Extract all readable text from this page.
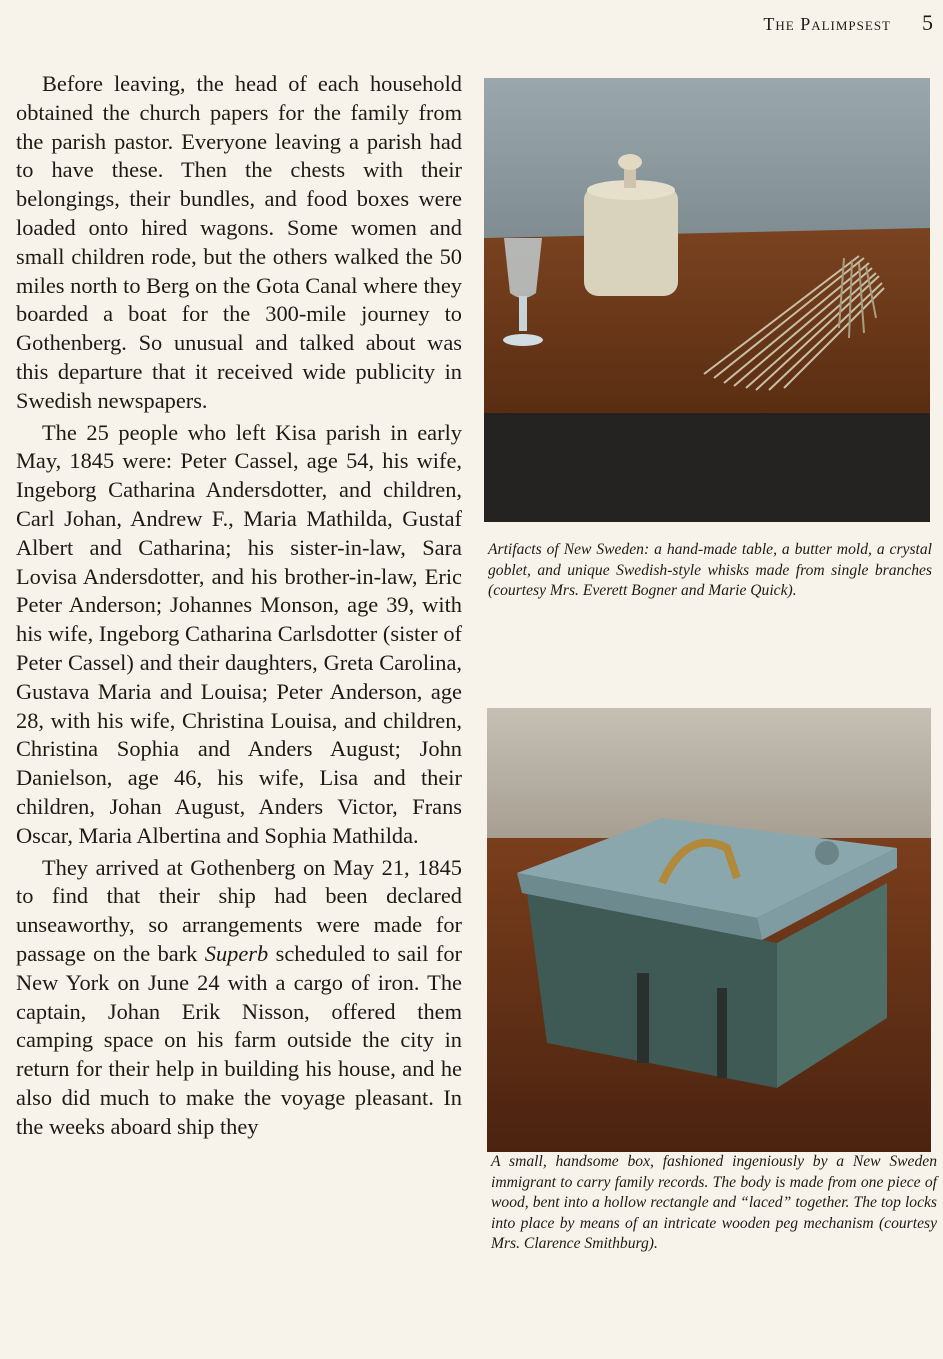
The Palimpsest 5

Before leaving, the head of each household obtained the church papers for the family from the parish pastor. Everyone leaving a parish had to have these. Then the chests with their belongings, their bundles, and food boxes were loaded onto hired wagons. Some women and small children rode, but the others walked the 50 miles north to Berg on the Gota Canal where they boarded a boat for the 300-mile journey to Gothenberg. So unusual and talked about was this departure that it received wide publicity in Swedish newspapers.

The 25 people who left Kisa parish in early May, 1845 were: Peter Cassel, age 54, his wife, Ingeborg Catharina Andersdotter, and children, Carl Johan, Andrew F., Maria Mathilda, Gustaf Albert and Catharina; his sister-in-law, Sara Lovisa Andersdotter, and his brother-in-law, Eric Peter Anderson; Johannes Monson, age 39, with his wife, Ingeborg Catharina Carlsdotter (sister of Peter Cassel) and their daughters, Greta Carolina, Gustava Maria and Louisa; Peter Anderson, age 28, with his wife, Christina Louisa, and children, Christina Sophia and Anders August; John Danielson, age 46, his wife, Lisa and their children, Johan August, Anders Victor, Frans Oscar, Maria Albertina and Sophia Mathilda.

They arrived at Gothenberg on May 21, 1845 to find that their ship had been declared unseaworthy, so arrangements were made for passage on the bark Superb scheduled to sail for New York on June 24 with a cargo of iron. The captain, Johan Erik Nisson, offered them camping space on his farm outside the city in return for their help in building his house, and he also did much to make the voyage pleasant. In the weeks aboard ship they

Artifacts of New Sweden: a hand-made table, a butter mold, a crystal goblet, and unique Swedish-style whisks made from single branches (courtesy Mrs. Everett Bogner and Marie Quick).
A small, handsome box, fashioned ingeniously by a New Sweden immigrant to carry family records. The body is made from one piece of wood, bent into a hollow rectangle and “laced” together. The top locks into place by means of an intricate wooden peg mechanism (courtesy Mrs. Clarence Smithburg).
